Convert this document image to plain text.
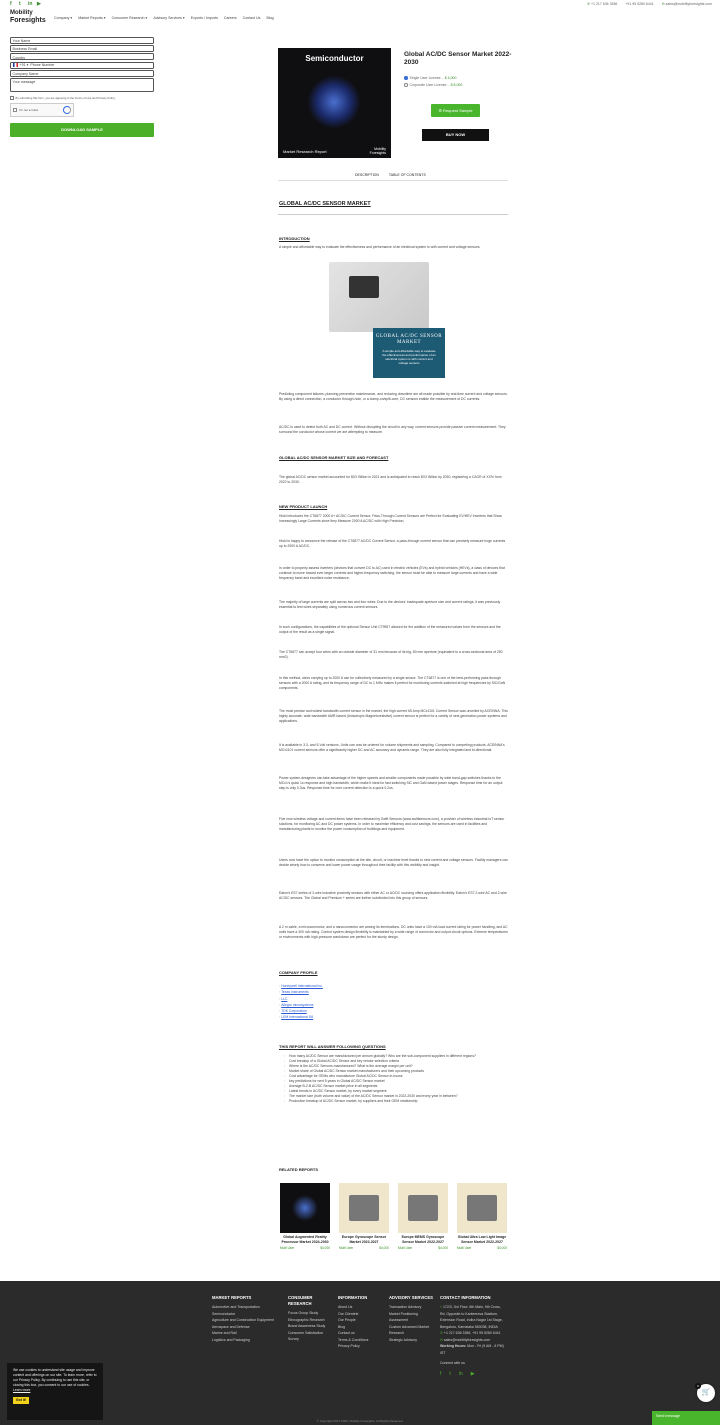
f	t	in ▶	✆+1 217 636 3356 +91 95 5280 6441 ✉sales@mobilityforesights.com
Mobility
Foresights	Company ▾ Market Reports ▾ Consumer Research ▾ Advisory Services ▾ Exports / Imports Careers Contact Us Blog
Your Name
Business Email
Country
+91 ▾ Phone Number
Company Name
Your message
By submitting this form, you are agreeing to the Terms of Use and Privacy Policy.
I'm not a robot
DOWNLOAD SAMPLE
Semiconductor
Market Research Report	Mobility
Foresights
Global AC/DC Sensor Market 2022-2030
Single User License - $ 4,000
Corporate User License - $ 8,000
⚙ Request Sample
BUY NOW
DESCRIPTION	TABLE OF CONTENTS
GLOBAL AC/DC SENSOR MARKET
INTRODUCTION
A simple and affordable way to evaluate the effectiveness and performance of an electrical system is with current and voltage sensors.
GLOBAL AC/DC SENSOR MARKET
A simple and affordable way to evaluate the effectiveness and performance of an electrical system is with current and voltage sensors
Predicting component failures, planning preventive maintenance, and reducing downtime are all made possible by real-time current and voltage sensors. By using a direct connection, a conductor through-hole, or a clamp-on/split-core, DC sensors enable the measurement of DC currents.
AC/DC is used to detect both AC and DC current. Without disrupting the circuit in any way, current sensors provide passive current measurement. They surround the conductor whose current we are attempting to measure.
GLOBAL AC/DC SENSOR MARKET SIZE AND FORECAST
The global AC/DC sensor market accounted for $XX Billion in 2021 and is anticipated to reach $XX Billion by 2030, registering a CAGR of XX% from 2022 to 2030.
NEW PRODUCT LAUNCH
Hioki introduces the CT6877 2000 A+ AC/DC Current Sensor. Pass-Through Current Sensors are Perfect for Evaluating EV/HEV Inverters that Show Increasingly Large Currents since they Measure 2000 A AC/DC with High Precision.
Hioki is happy to announce the release of the CT6877 AC/DC Current Sensor, a pass-through current sensor that can precisely measure huge currents up to 2000 A AC/DC.
In order to properly assess inverters (devices that convert DC to AC) used in electric vehicles (EVs) and hybrid vehicles (HEVs), a class of devices that continue to move toward ever larger currents and higher-frequency switching, the sensor must be able to measure large currents and have a wide frequency band and excellent noise resistance.
The majority of large currents are split across two and four wires. Due to the devices' inadequate aperture size and current ratings, it was previously essential to test wires separately using numerous current sensors.
In such configurations, the capabilities of the optional Sensor Unit CT9557 allowed for the addition of the measured values from the sensors and the output of the result as a single signal.
The CT6877 can accept four wires with an outside diameter of 31 mm because of its big, 80 mm aperture (equivalent to a cross-sectional area of 250 mm2).
In this method, wires carrying up to 2000 A can be collectively measured by a single sensor. The CT6877 is one of the best-performing pass-through sensors with a 2000 A rating, and its frequency range of DC to 1 MHz makes it perfect for monitoring currents switched at high frequencies by SiC/GaN components.
The most precise and widest bandwidth current sensor in the market, the high current 65 Amp MCx1101 Current Sensor was unveiled by ACEINNA. This highly accurate, wide bandwidth AMR-based (Anisotropic Magnetoresistive) current sensor is perfect for a variety of next-generation power systems and applications.
It is available in 3.3- and 5-Volt versions. Units can now be ordered for volume shipments and sampling. Compared to competing products, ACEINNA's MCx1101 current sensors offer a significantly higher DC and AC accuracy and dynamic range. They are also fully integrated and bi-directional.
Power system designers can take advantage of the higher speeds and smaller components made possible by wide band-gap switches thanks to the MCx1's quick 1s response and high bandwidth, which make it ideal for fast switching SiC and GaN-based power stages. Response time for an output step is only 0.3us. Response time for over current detection is a quick 0.2us.
Five new wireless voltage and current items have been released by Swift Sensors (www.swiftsensors.com), a provider of wireless industrial IoT sensor solutions, for monitoring AC and DC power systems. In order to maximise efficiency and cost savings, the sensors are used in facilities and manufacturing plants to monitor the power consumption of buildings and equipment.
Users now have the option to monitor consumption at the site, circuit, or machine level thanks to new current and voltage sensors. Facility managers can decide wisely how to conserve and lower power usage throughout their facility with this visibility and insight.
Eaton's ES7 series of 2-wire inductive proximity sensors with either AC or AC/DC sourcing offers application flexibility. Eaton's ES7 2-wire AC and 2-wire AC/DC sensors. The Global and Premium + series are further subdivided into this group of sensors.
A 2 m cable, a microconnector, and a nanoconnector are among its terminations. DC units have a 100 mA load current rating for power handling, and AC units have a 300 mA rating. Control system design flexibility is maintained by a wide range of connector and output circuit options. Extreme temperatures or environments with high-pressure washdown are perfect for the sturdy design.
COMPANY PROFILE
◦ Honeywell International Inc.
◦ Texas Instruments
◦ LLC
◦ Allegro microsystems
◦ TDK Corporation
◦ LEM International SA
THIS REPORT WILL ANSWER FOLLOWING QUESTIONS
◦ How many AC/DC Sensor are manufactured per annum globally? Who are the sub-component suppliers in different regions?
◦ Cost breakup of a Global AC/DC Sensor and key vendor selection criteria
◦ Where is the AC/DC Sensors manufactured? What is the average margin per unit?
◦ Market share of Global AC/DC Sensor market manufacturers and their upcoming products
◦ Cost advantage for OEMs who manufacture Global AC/DC Sensor in-house
◦ key predictions for next 5 years in Global AC/DC Sensor market
◦ Average B-2-B AC/DC Sensor market price in all segments
◦ Latest trends in AC/DC Sensor market, by every market segment
◦ The market size (both volume and value) of the AC/DC Sensor market in 2022-2030 and every year in between?
◦ Production breakup of AC/DC Sensor market, by suppliers and their OEM relationship
RELATED REPORTS
Global Augmented Reality Processor Market 2024-2030
Multi User	$4,000
Europe Gyroscope Sensor Market 2022-2027
Multi User	$4,000
Europe MEMS Gyroscope Sensor Market 2022-2027
Multi User	$4,000
Global Ultra Low Light Image Sensor Market 2022-2027
Multi User	$4,000
MARKET REPORTS
Automotive and Transportation
Semiconductor
Agriculture and Construction Equipment
Aerospace and Defense
Marine and Rail
Logistics and Packaging
CONSUMER RESEARCH
Focus Group Study
Ethnographic Research
Brand Awareness Study
Consumer Satisfaction Survey
INFORMATION
About Us
Our Clientele
Our People
Blog
Contact us
Terms & Conditions
Privacy Policy
ADVISORY SERVICES
Transaction Advisory
Market Positioning Assessment
Custom Advanced Market Research
Strategic Advisory
CONTACT INFORMATION
⌖ 172/3, 3rd Floor, 6th Main, 9th Cross, Rd, Opposite to Kanteerava Stadium, Extension Road, Indira Nagar 1st Stage, Bengaluru, Karnataka 560038, INDIA
✆ +1 217 636 3356, +91 95 5280 6441
✉ sales@mobilityforesights.com
Working Hours: Mon - Fri (9 AM - 6 PM) IST
Connect with us
f t in ▶
© Copyright 2017-2022. Mobility Foresights. All Rights Reserved.
We use cookies to understand site usage and improve content and offerings on our site. To learn more, refer to our Privacy Policy. By continuing to use this site, or closing this box, you consent to our use of cookies. Learn more
Got it!
🛒
0
Send message
